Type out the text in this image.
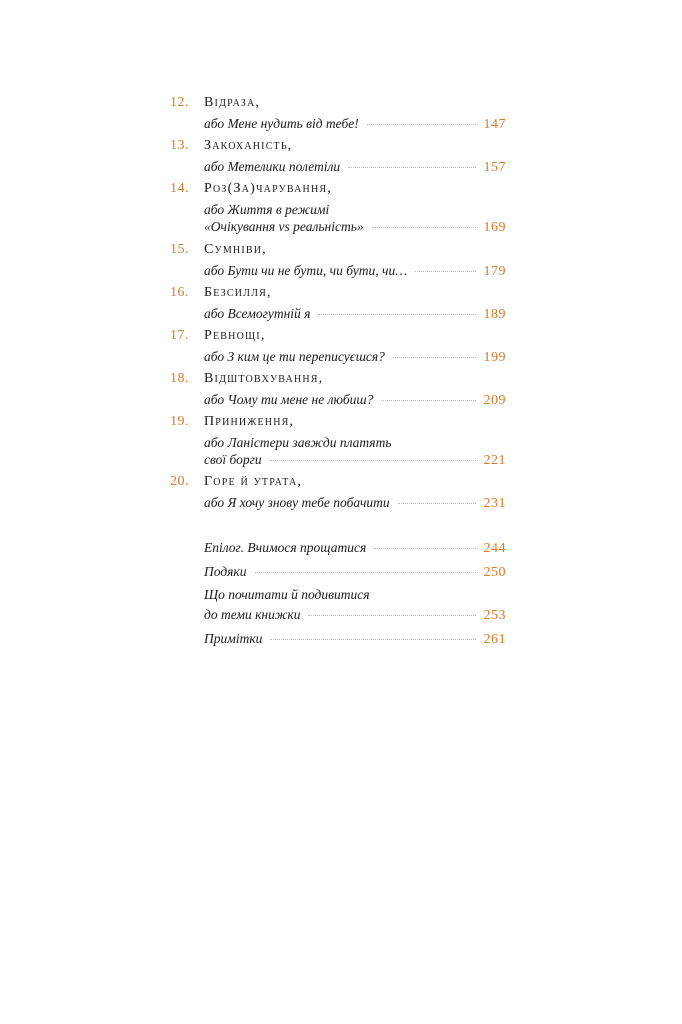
12. Відраза,
або Мене нудить від тебе!	147
13. Закоханість,
або Метелики полетіли	157
14. Роз(За)чарування,
або Життя в режимі
«Очікування vs реальність»	169
15. Сумніви,
або Бути чи не бути, чи бути, чи…	179
16. Безсилля,
або Всемогутній я	189
17. Ревнощі,
або З ким це ти переписуєшся?	199
18. Відштовхування,
або Чому ти мене не любиш?	209
19. Приниження,
або Ланістери завжди платять
свої борги	221
20. Горе й утрата,
або Я хочу знову тебе побачити	231
Епілог. Вчимося прощатися	244
Подяки	250
Що почитати й подивитися
до теми книжки	253
Примітки	261
